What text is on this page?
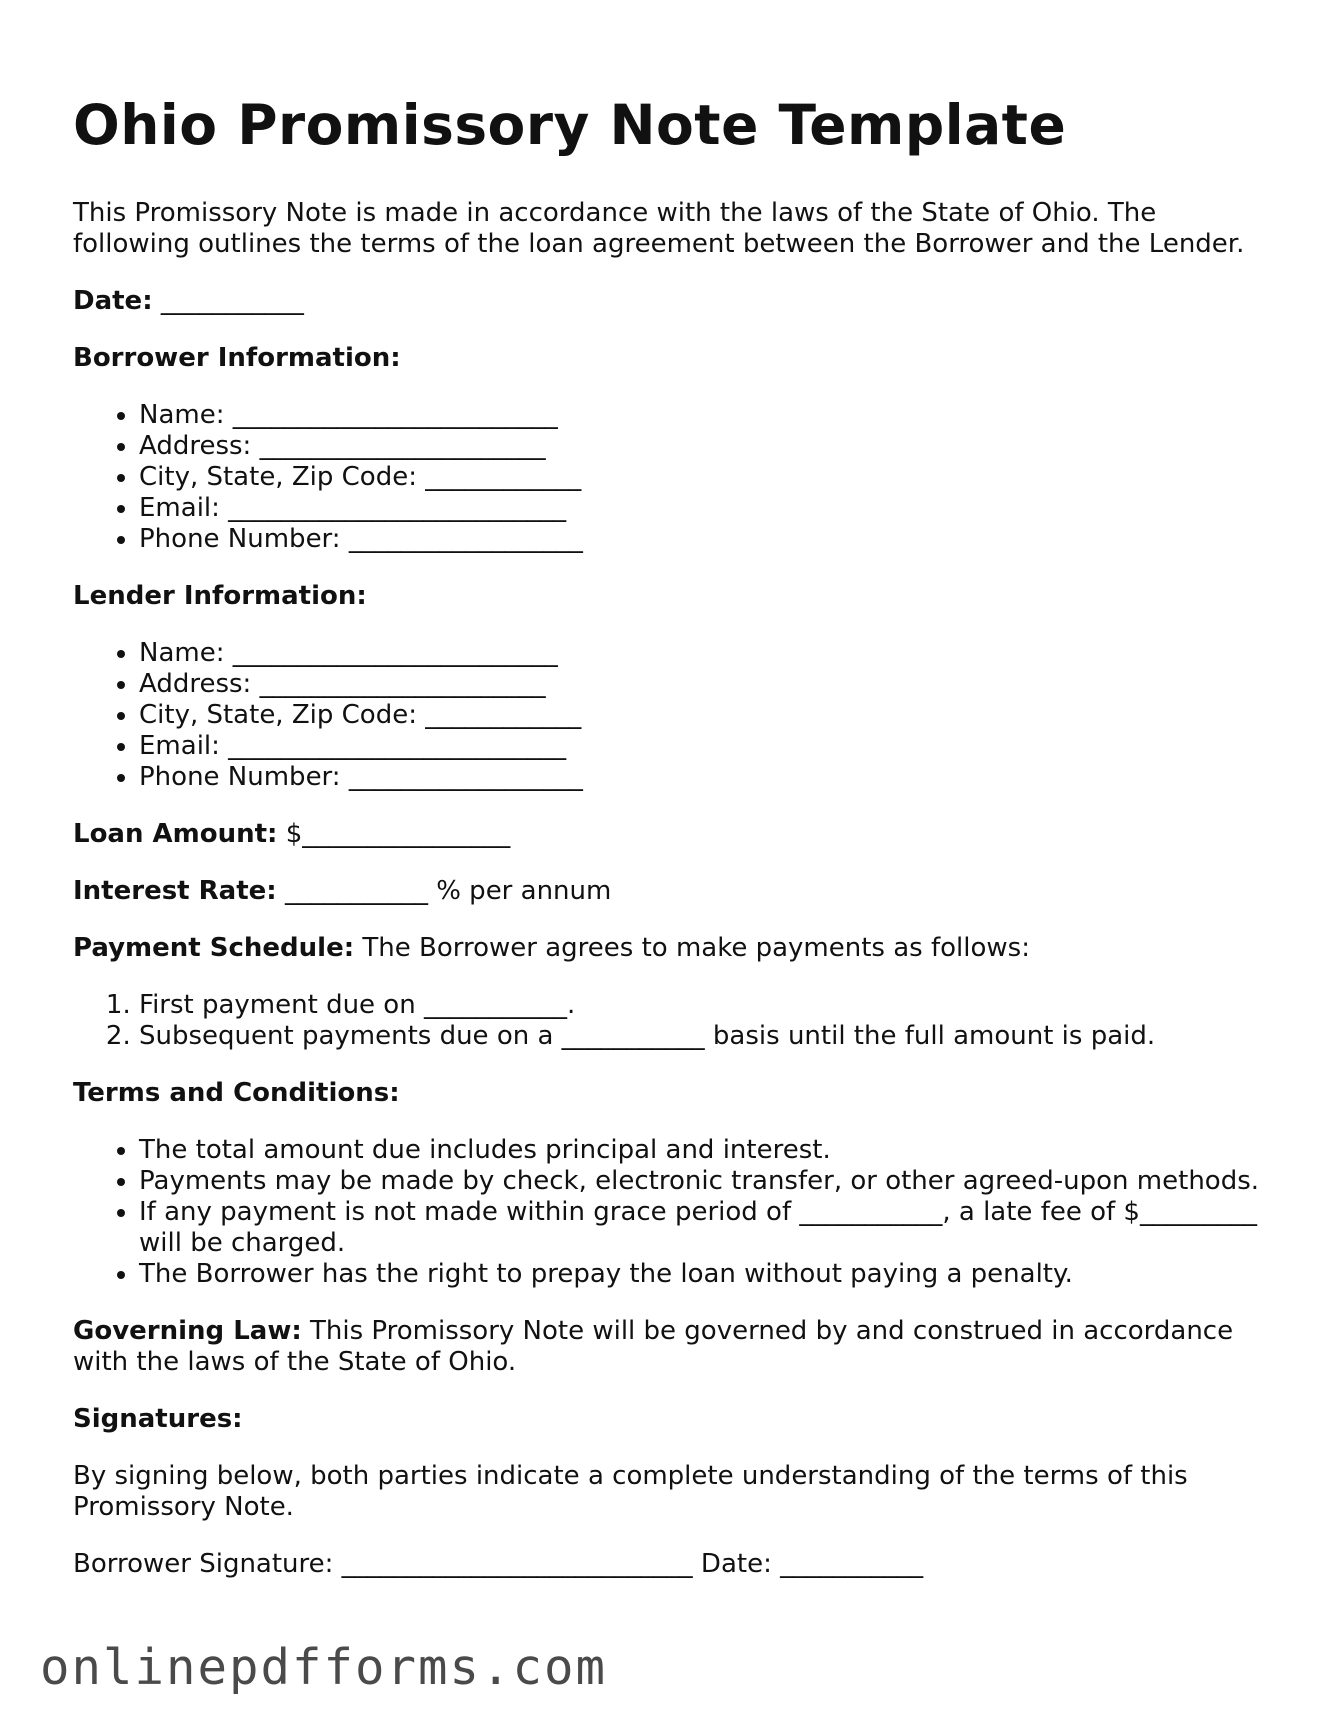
Ohio Promissory Note Template

This Promissory Note is made in accordance with the laws of the State of Ohio. The following outlines the terms of the loan agreement between the Borrower and the Lender.

Date: ___________

Borrower Information:

• Name: _________________________
• Address: ______________________
• City, State, Zip Code: ____________
• Email: __________________________
• Phone Number: __________________

Lender Information:

• Name: _________________________
• Address: ______________________
• City, State, Zip Code: ____________
• Email: __________________________
• Phone Number: __________________

Loan Amount: $________________

Interest Rate: ___________ % per annum

Payment Schedule: The Borrower agrees to make payments as follows:

1. First payment due on ___________.
2. Subsequent payments due on a ___________ basis until the full amount is paid.

Terms and Conditions:

• The total amount due includes principal and interest.
• Payments may be made by check, electronic transfer, or other agreed-upon methods.
• If any payment is not made within grace period of ___________, a late fee of $_________ will be charged.
• The Borrower has the right to prepay the loan without paying a penalty.

Governing Law: This Promissory Note will be governed by and construed in accordance with the laws of the State of Ohio.

Signatures:

By signing below, both parties indicate a complete understanding of the terms of this Promissory Note.

Borrower Signature: ___________________________ Date: ___________

onlinepdfforms.com
